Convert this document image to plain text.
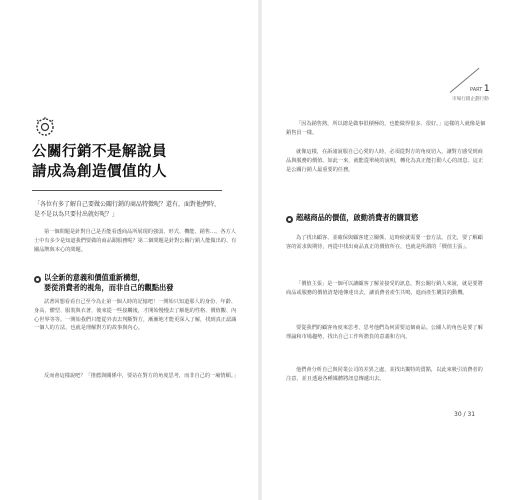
公關行銷不是解說員
請成為創造價值的人
「各位有多了解自己要做公關行銷的商品特徵呢？還有，面對他們時，
是不是以為只要付出就好呢？」
第一個問題是針對自己是否能看透商品所展現的強弱、形式、機能、銷售…。各方人士中有多少是知道我們要做的商品跟服務呢？第二個問題是針對公關行銷人能做出的、有關品牌與本心的問題。
以全新的意義和價值重新構想，
要從消費者的視角，而非自己的觀點出發
試著回想看看自己至今為止第一個人時的記憶吧！一開始只知道那人的身份、年齡、身高、體型、服裝與衣著，後來從一些接觸後，才開始慢慢去了解他的性格、價值觀、內心世界等等。一開始我們只能從外表去判斷對方，漸漸地才能更深入了解，找到真正認識一個人的方法，也就是理解對方的故事與內心。
反而會這樣說吧？「推薦與關係中，要站在對方的角度思考，而非自己的一廂情願。」
PART 1
市場行銷企劃行動
「因為銷售熱，所以總是做事很積極的，也能做得很多、很好。」這樣的人就像是個銷售員一樣。
就像這樣，在訴諸說服自己心愛的人時，必須從對方的角度切入，讓對方感受到商品與服務的價值。如此一來，就能從單純的說明，轉化為真正能打動人心的訊息。這正是公關行銷人最重要的任務。
超越商品的價值，啟動消費者的購買慾
為了找出顧客、並確保與顧客建立關係，這時候就需要一套方法。首先，要了解顧客的需求與期待，再從中找出商品真正的價值所在，也就是所謂的「價值主張」。
「價值主張」是一個可以讓顧客了解並接受的訊息。對公關行銷人來說，就是要將商品或服務的價值清楚地傳達出去，讓消費者產生共鳴，進而產生購買的動機。
要從我們的顧客角度來思考，思考他們為何需要這個商品。公關人的角色是要了解理論和市場趨勢，找出自己工作所擔負的意義和方向。
他們會分析自己與同業公司的差異之處，並找出獨特的賣點，以此來吸引消費者的注意，並且透過各種媒體將訊息傳遞出去。
30 / 31
